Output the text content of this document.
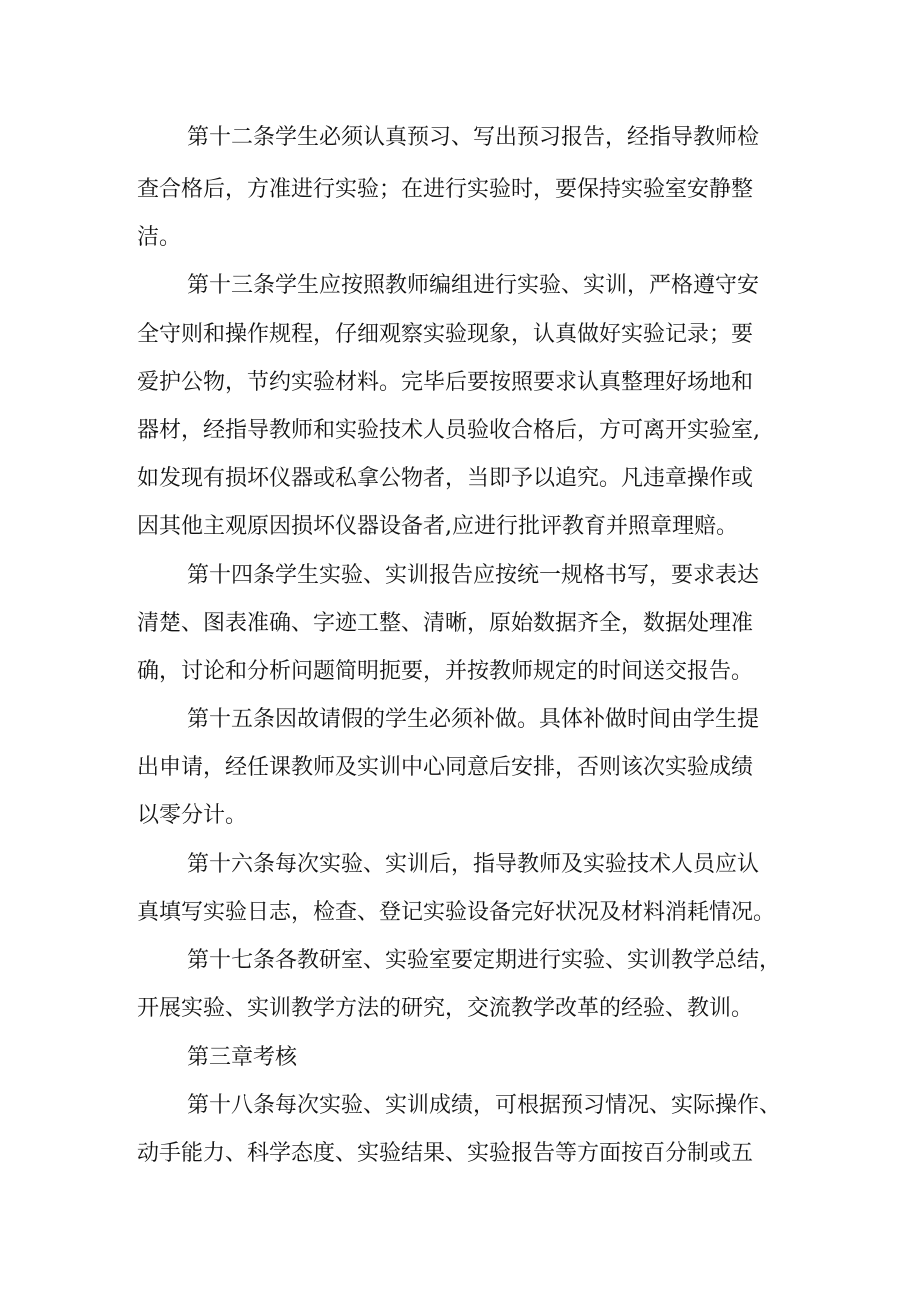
第十二条学生必须认真预习、写出预习报告，经指导教师检
查合格后，方准进行实验；在进行实验时，要保持实验室安静整
洁。
第十三条学生应按照教师编组进行实验、实训，严格遵守安
全守则和操作规程，仔细观察实验现象，认真做好实验记录；要
爱护公物，节约实验材料。完毕后要按照要求认真整理好场地和
器材，经指导教师和实验技术人员验收合格后，方可离开实验室,
如发现有损坏仪器或私拿公物者，当即予以追究。凡违章操作或
因其他主观原因损坏仪器设备者,应进行批评教育并照章理赔。
第十四条学生实验、实训报告应按统一规格书写，要求表达
清楚、图表准确、字迹工整、清晰，原始数据齐全，数据处理准
确，讨论和分析问题简明扼要，并按教师规定的时间送交报告。
第十五条因故请假的学生必须补做。具体补做时间由学生提
出申请，经任课教师及实训中心同意后安排，否则该次实验成绩
以零分计。
第十六条每次实验、实训后，指导教师及实验技术人员应认
真填写实验日志，检查、登记实验设备完好状况及材料消耗情况。
第十七条各教研室、实验室要定期进行实验、实训教学总结，
开展实验、实训教学方法的研究，交流教学改革的经验、教训。
第三章考核
第十八条每次实验、实训成绩，可根据预习情况、实际操作、
动手能力、科学态度、实验结果、实验报告等方面按百分制或五
